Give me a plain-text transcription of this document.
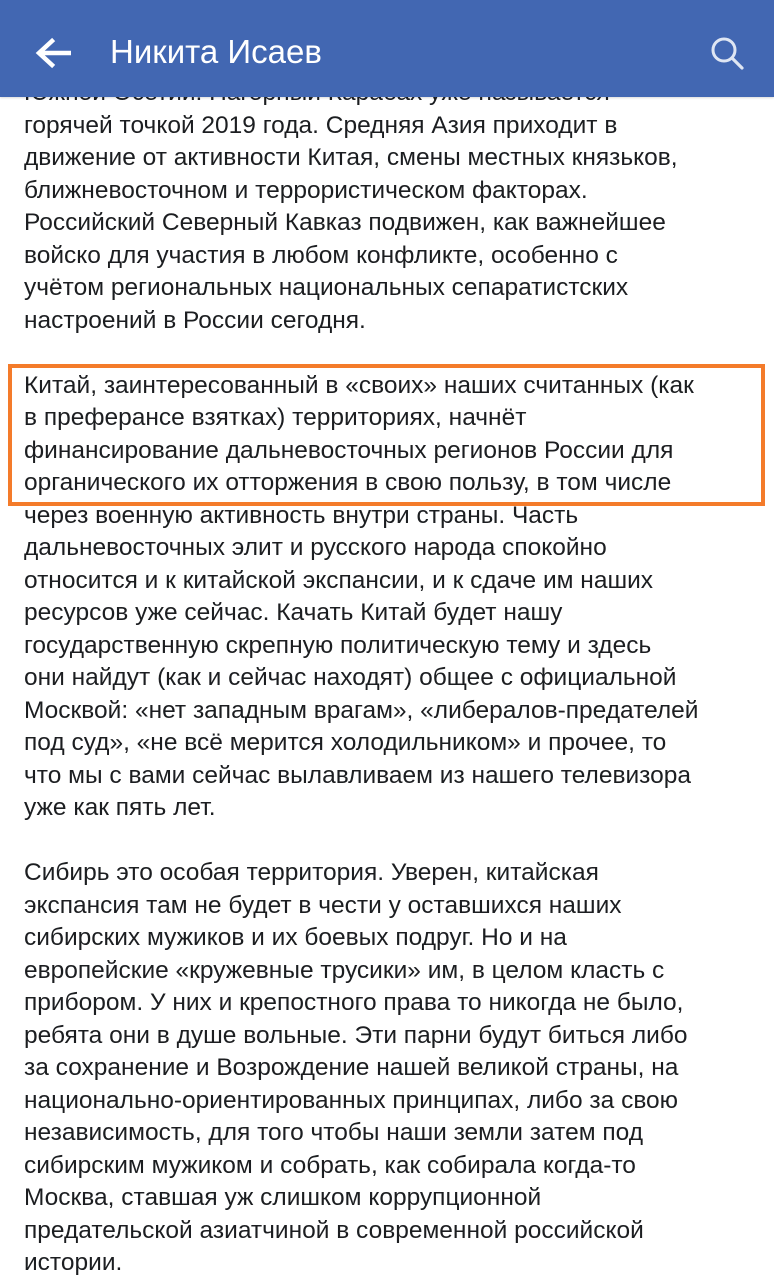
Никита Исаев

горячей точкой 2019 года. Средняя Азия приходит в
движение от активности Китая, смены местных князьков,
ближневосточном и террористическом факторах.
Российский Северный Кавказ подвижен, как важнейшее
войско для участия в любом конфликте, особенно с
учётом региональных национальных сепаратистских
настроений в России сегодня.

Китай, заинтересованный в «своих» наших считанных (как
в преферансе взятках) территориях, начнёт
финансирование дальневосточных регионов России для
органического их отторжения в свою пользу, в том числе
через военную активность внутри страны. Часть
дальневосточных элит и русского народа спокойно
относится и к китайской экспансии, и к сдаче им наших
ресурсов уже сейчас. Качать Китай будет нашу
государственную скрепную политическую тему и здесь
они найдут (как и сейчас находят) общее с официальной
Москвой: «нет западным врагам», «либералов-предателей
под суд», «не всё мерится холодильником» и прочее, то
что мы с вами сейчас вылавливаем из нашего телевизора
уже как пять лет.

Сибирь это особая территория. Уверен, китайская
экспансия там не будет в чести у оставшихся наших
сибирских мужиков и их боевых подруг. Но и на
европейские «кружевные трусики» им, в целом класть с
прибором. У них и крепостного права то никогда не было,
ребята они в душе вольные. Эти парни будут биться либо
за сохранение и Возрождение нашей великой страны, на
национально-ориентированных принципах, либо за свою
независимость, для того чтобы наши земли затем под
сибирским мужиком и собрать, как собирала когда-то
Москва, ставшая уж слишком коррупционной
предательской азиатчиной в современной российской
истории.
